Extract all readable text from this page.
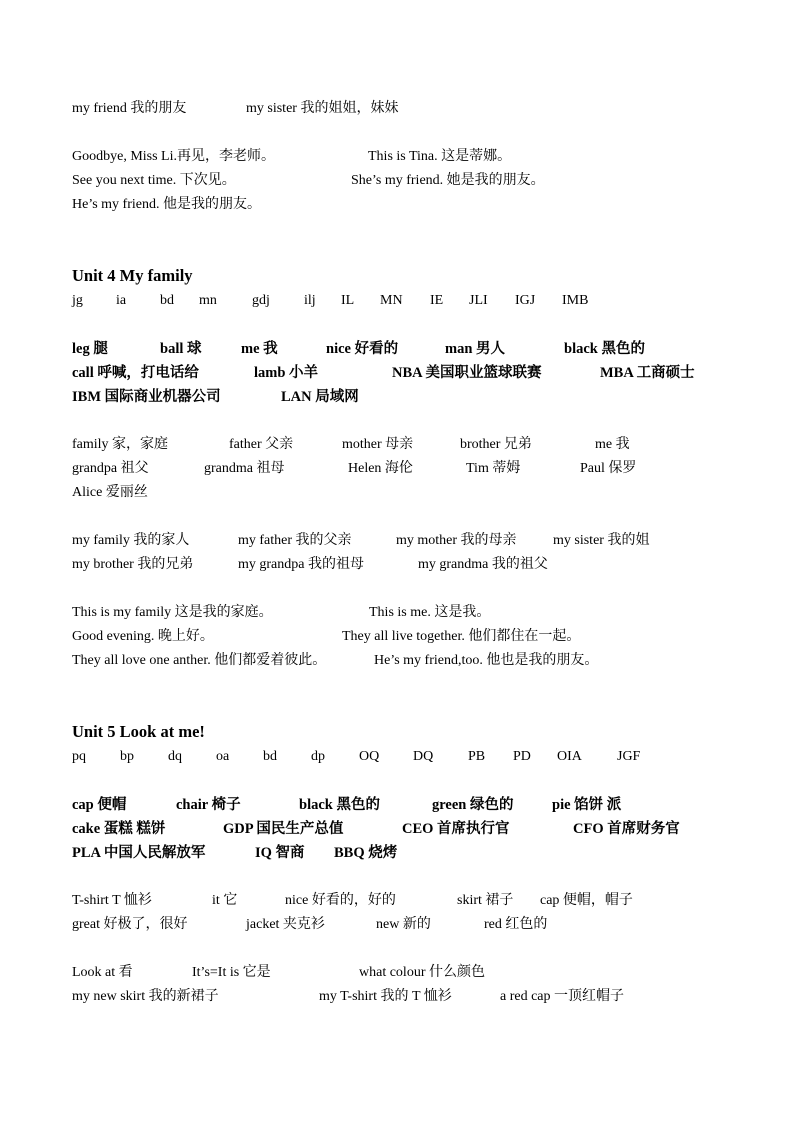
my friend 我的朋友	my sister 我的姐姐，妹妹
Goodbye, Miss Li.再见，李老师。	This is Tina. 这是蒂娜。
See you next time. 下次见。	She’s my friend. 她是我的朋友。
He’s my friend. 他是我的朋友。
Unit 4 My family
jg ia bd mn	gdj ilj IL MN IE JLI IGJ IMB
leg 腿	ball 球	me 我	nice 好看的	man 男人	black 黑色的
call 呼喊，打电话给	lamb 小羊	NBA 美国职业篮球联赛	MBA 工商硕士
IBM 国际商业机器公司	LAN 局域网
family 家，家庭	father 父亲	mother 母亲	brother 兄弟	me 我
grandpa 祖父	grandma 祖母	Helen 海伦	Tim 蒂姆	Paul 保罗
Alice 爱丽丝
my family 我的家人	my father 我的父亲	my mother 我的母亲	my sister 我的姐
my brother 我的兄弟	my grandpa 我的祖母	my grandma 我的祖父
This is my family 这是我的家庭。	This is me. 这是我。
Good evening. 晚上好。	They all live together. 他们都住在一起。
They all love one anther. 他们都爱着彼此。	He’s my friend,too. 他也是我的朋友。
Unit 5 Look at me!
pq bp dq oa bd dp OQ DQ PB PD OIA	JGF
cap 便帽	chair 椅子	black 黑色的	green 绿色的	pie 馅饼 派
cake 蛋糕 糕饼	GDP 国民生产总值	CEO 首席执行官	CFO 首席财务官
PLA 中国人民解放军	IQ 智商 BBQ 烧烤
T-shirt T 恤衫	it 它	nice 好看的，好的	skirt 裙子 cap 便帽，帽子
great 好极了，很好	jacket 夹克衫	new 新的	red 红色的
Look at 看	It’s=It is 它是	what colour 什么颜色
my new skirt 我的新裙子	my T-shirt 我的 T 恤衫	a red cap 一顶红帽子
